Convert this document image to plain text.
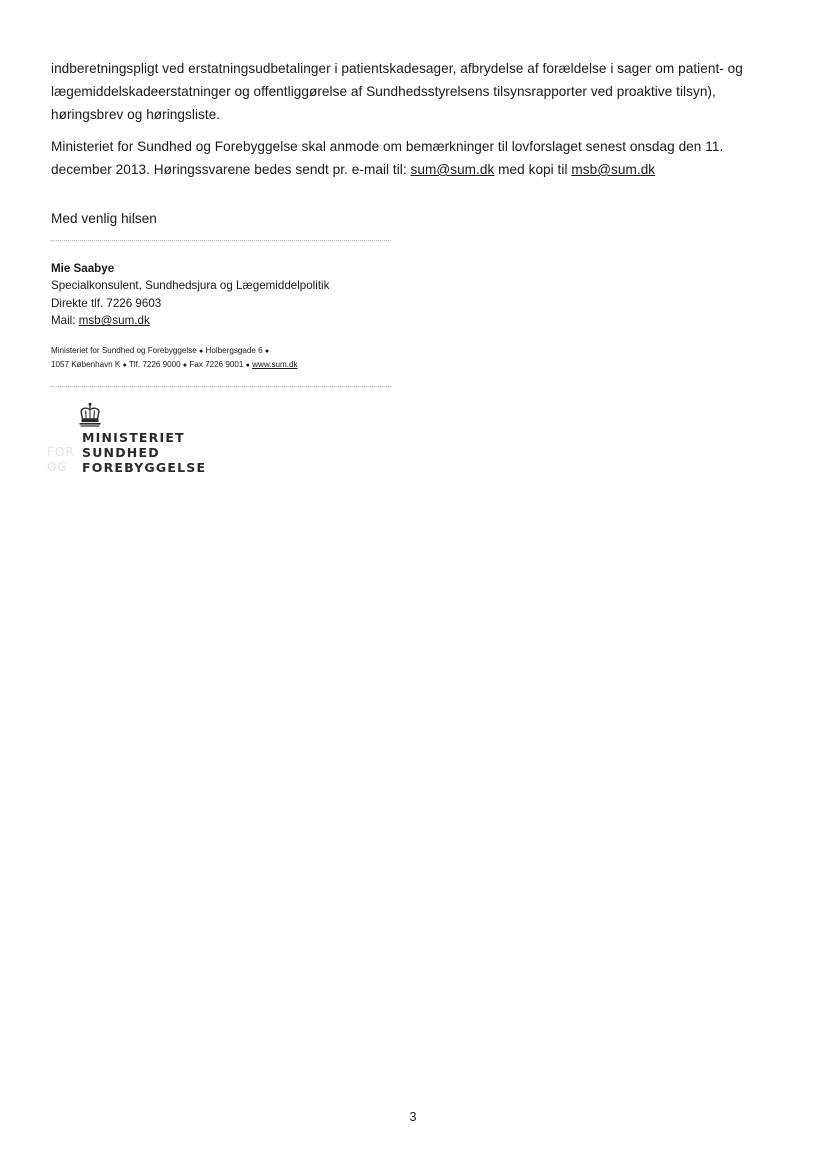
indberetningspligt ved erstatningsudbetalinger i patientskadesager, afbrydelse af forældelse i sager om patient- og

lægemiddelskadeerstatninger og offentliggørelse af Sundhedsstyrelsens tilsynsrapporter ved proaktive tilsyn),

høringsbrev og høringsliste.

Ministeriet for Sundhed og Forebyggelse skal anmode om bemærkninger til lovforslaget senest onsdag den 11.

december 2013. Høringssvarene bedes sendt pr. e-mail til: sum@sum.dk med kopi til msb@sum.dk

Med venlig hilsen

Mie Saabye
Specialkonsulent, Sundhedsjura og Lægemiddelpolitik
Direkte tlf. 7226 9603
Mail: msb@sum.dk
Ministeriet for Sundhed og Forebyggelse ● Holbergsgade 6 ●
1057 København K ● Tlf. 7226 9000 ● Fax 7226 9001 ● www.sum.dk
FOR
OG
MINISTERIET
SUNDHED
FOREBYGGELSE
3
